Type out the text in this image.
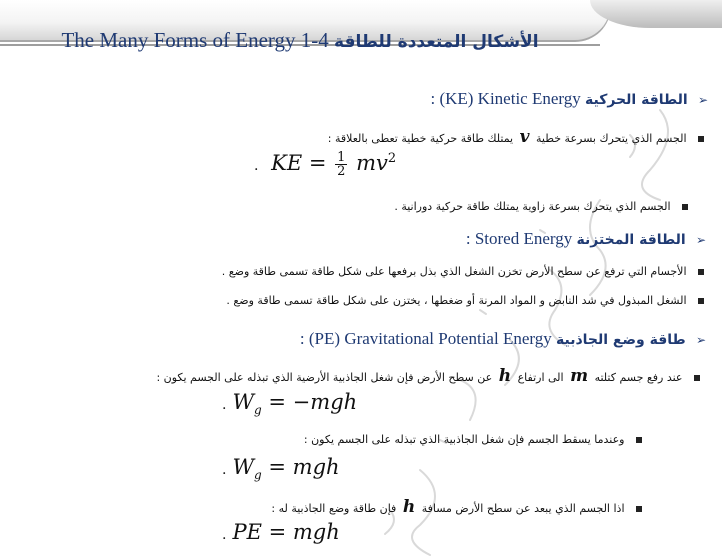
The Many Forms of Energy الأشكال المتعددة للطاقة 4-1
: (KE) Kinetic Energy الطاقة الحركية ➢
الجسم الذي يتحرك بسرعة خطية v يمتلك طاقة حركية خطية تعطى بالعلاقة :
. KE = $\frac{1}{2} mv^2$
الجسم الذي يتحرك بسرعة زاوية يمتلك طاقة حركية دورانية .
: Stored Energy الطاقة المختزنة ➢
الأجسام التي ترفع عن سطح الأرض تخزن الشغل الذي بذل برفعها على شكل طاقة تسمى طاقة وضع .
الشغل المبذول في شد النابض و المواد المرنة أو ضغطها ، يختزن على شكل طاقة تسمى طاقة وضع .
: (PE) Gravitational Potential Energy طاقة وضع الجاذبية ➢
عند رفع جسم كتلته m الى ارتفاع h عن سطح الأرض فإن شغل الجاذبية الأرضية الذي تبذله على الجسم يكون :
. $W_g = -mgh$
وعندما يسقط الجسم فإن شغل الجاذبية الذي تبذله على الجسم يكون :
. $W_g$ = mgh
اذا الجسم الذي يبعد عن سطح الأرض مسافة h فإن طاقة وضع الجاذبية له :
. PE = mgh
